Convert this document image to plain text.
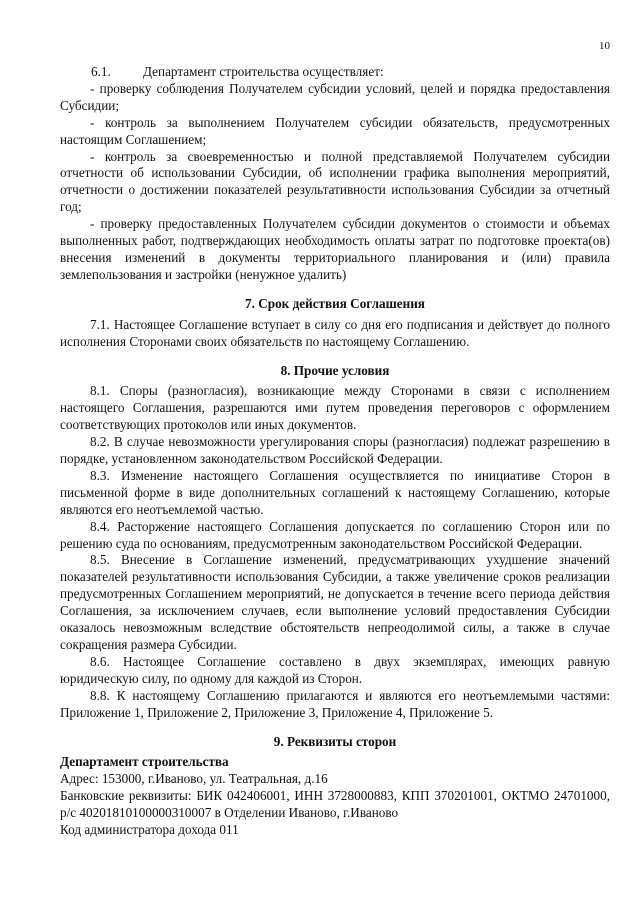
10

6.1. Департамент строительства осуществляет:

- проверку соблюдения Получателем субсидии условий, целей и порядка предоставления Субсидии;

- контроль за выполнением Получателем субсидии обязательств, предусмотренных настоящим Соглашением;

- контроль за своевременностью и полной представляемой Получателем субсидии отчетности об использовании Субсидии, об исполнении графика выполнения мероприятий, отчетности о достижении показателей результативности использования Субсидии за отчетный год;

- проверку предоставленных Получателем субсидии документов о стоимости и объемах выполненных работ, подтверждающих необходимость оплаты затрат по подготовке проекта(ов) внесения изменений в документы территориального планирования и (или) правила землепользования и застройки (ненужное удалить)

7. Срок действия Соглашения

7.1. Настоящее Соглашение вступает в силу со дня его подписания и действует до полного исполнения Сторонами своих обязательств по настоящему Соглашению.

8. Прочие условия

8.1. Споры (разногласия), возникающие между Сторонами в связи с исполнением настоящего Соглашения, разрешаются ими путем проведения переговоров с оформлением соответствующих протоколов или иных документов.

8.2. В случае невозможности урегулирования споры (разногласия) подлежат разрешению в порядке, установленном законодательством Российской Федерации.

8.3. Изменение настоящего Соглашения осуществляется по инициативе Сторон в письменной форме в виде дополнительных соглашений к настоящему Соглашению, которые являются его неотъемлемой частью.

8.4. Расторжение настоящего Соглашения допускается по соглашению Сторон или по решению суда по основаниям, предусмотренным законодательством Российской Федерации.

8.5. Внесение в Соглашение изменений, предусматривающих ухудшение значений показателей результативности использования Субсидии, а также увеличение сроков реализации предусмотренных Соглашением мероприятий, не допускается в течение всего периода действия Соглашения, за исключением случаев, если выполнение условий предоставления Субсидии оказалось невозможным вследствие обстоятельств непреодолимой силы, а также в случае сокращения размера Субсидии.

8.6. Настоящее Соглашение составлено в двух экземплярах, имеющих равную юридическую силу, по одному для каждой из Сторон.

8.8. К настоящему Соглашению прилагаются и являются его неотъемлемыми частями: Приложение 1, Приложение 2, Приложение 3, Приложение 4, Приложение 5.

9. Реквизиты сторон

Департамент строительства

Адрес: 153000, г.Иваново, ул. Театральная, д.16

Банковские реквизиты: БИК 042406001, ИНН 3728000883, КПП 370201001, ОКТМО 24701000, р/с 40201810100000310007 в Отделении Иваново, г.Иваново

Код администратора дохода 011
